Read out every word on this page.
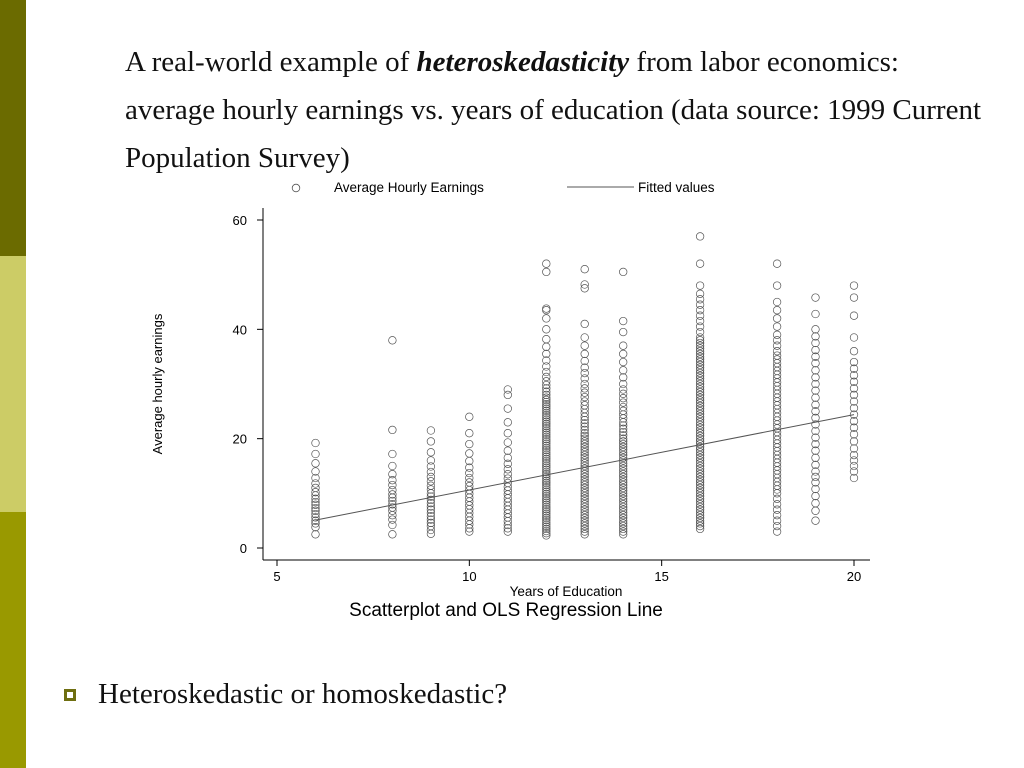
A real-world example of heteroskedasticity from labor economics: average hourly earnings vs. years of education (data source: 1999 Current Population Survey)
0
20
40
60
5	10	15	20
Average Hourly Earnings	Fitted values
Average hourly earnings
Years of Education
Scatterplot and OLS Regression Line
Heteroskedastic or homoskedastic?
